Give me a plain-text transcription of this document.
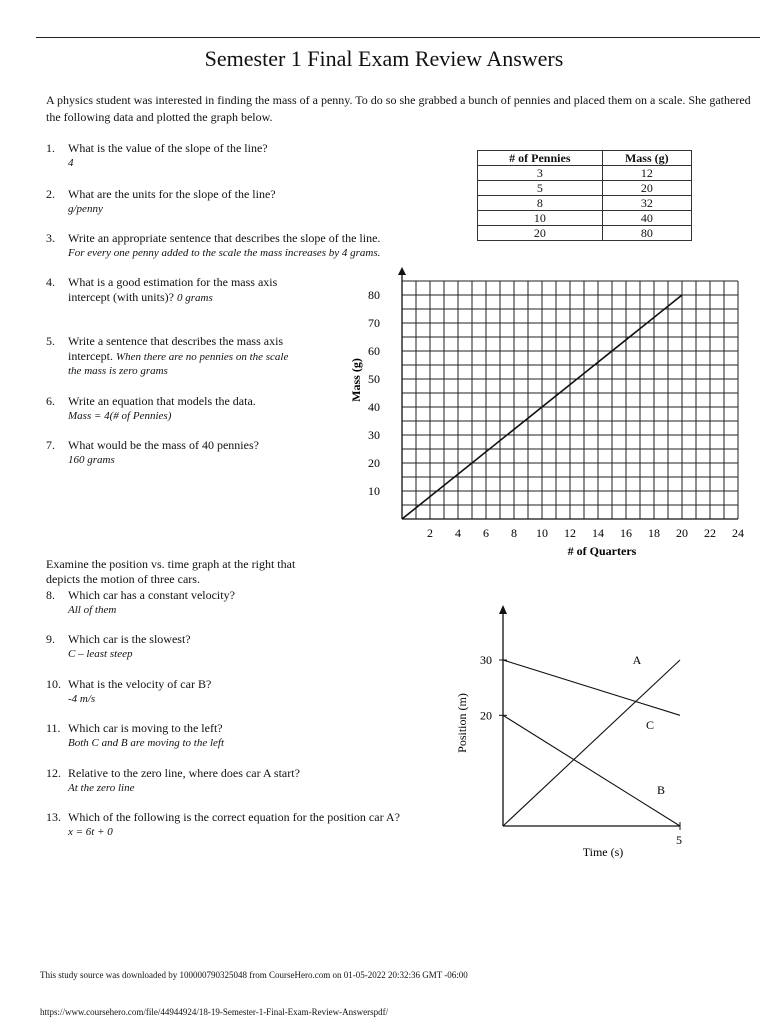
Semester 1 Final Exam Review Answers
A physics student was interested in finding the mass of a penny. To do so she grabbed a bunch of pennies and placed them on a scale. She gathered the following data and plotted the graph below.
1. What is the value of the slope of the line?
4
2. What are the units for the slope of the line?
g/penny
3. Write an appropriate sentence that describes the slope of the line.
For every one penny added to the scale the mass increases by 4 grams.
4. What is a good estimation for the mass axis
intercept (with units)? 0 grams
5. Write a sentence that describes the mass axis
intercept. When there are no pennies on the scale
the mass is zero grams
6. Write an equation that models the data.
Mass = 4(# of Pennies)
7. What would be the mass of 40 pennies?
160 grams
Examine the position vs. time graph at the right that
depicts the motion of three cars.
8. Which car has a constant velocity?
All of them
9. Which car is the slowest?
C – least steep
10. What is the velocity of car B?
-4 m/s
11. Which car is moving to the left?
Both C and B are moving to the left
12. Relative to the zero line, where does car A start?
At the zero line
13. Which of the following is the correct equation for the position car A?
x = 6t + 0
# of Pennies	Mass (g)
3	12
5	20
8	32
10	40
20	80
2 4 6 8 10 12 14 16 18 20 22 24
10
20
30
40
50
60
70
80
# of Quarters
Mass (g)
20
30
5
A
B
C
Time (s)
Position (m)
This study source was downloaded by 100000790325048 from CourseHero.com on 01-05-2022 20:32:36 GMT -06:00
https://www.coursehero.com/file/44944924/18-19-Semester-1-Final-Exam-Review-Answerspdf/
